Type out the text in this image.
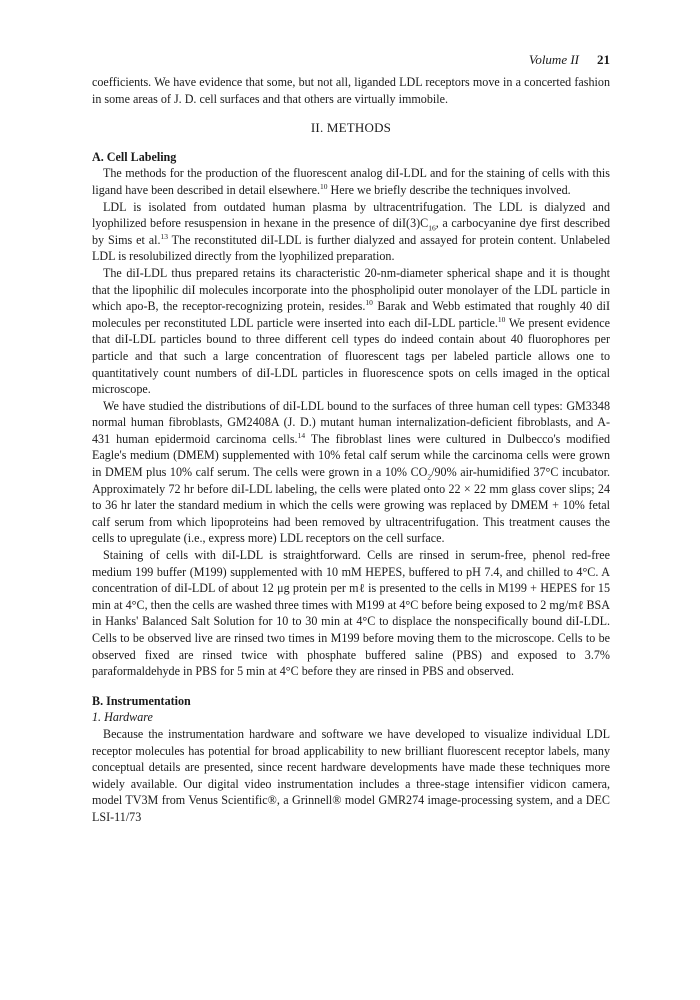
Volume II 21

coefficients. We have evidence that some, but not all, liganded LDL receptors move in a concerted fashion in some areas of J. D. cell surfaces and that others are virtually immobile.

II. METHODS
A. Cell Labeling

The methods for the production of the fluorescent analog diI-LDL and for the staining of cells with this ligand have been described in detail elsewhere.$^{10}$ Here we briefly describe the techniques involved.

LDL is isolated from outdated human plasma by ultracentrifugation. The LDL is dialyzed and lyophilized before resuspension in hexane in the presence of $diI(3)C_{16}$, a carbocyanine dye first described by Sims et al.$^{13}$ The reconstituted diI-LDL is further dialyzed and assayed for protein content. Unlabeled LDL is resolubilized directly from the lyophilized preparation.

The diI-LDL thus prepared retains its characteristic 20-nm-diameter spherical shape and it is thought that the lipophilic diI molecules incorporate into the phospholipid outer monolayer of the LDL particle in which apo-B, the receptor-recognizing protein, resides.$^{10}$ Barak and Webb estimated that roughly 40 diI molecules per reconstituted LDL particle were inserted into each diI-LDL particle.$^{10}$ We present evidence that diI-LDL particles bound to three different cell types do indeed contain about 40 fluorophores per particle and that such a large concentration of fluorescent tags per labeled particle allows one to quantitatively count numbers of diI-LDL particles in fluorescence spots on cells imaged in the optical microscope.

We have studied the distributions of diI-LDL bound to the surfaces of three human cell types: GM3348 normal human fibroblasts, GM2408A (J. D.) mutant human internalization-deficient fibroblasts, and A-431 human epidermoid carcinoma cells.$^{14}$ The fibroblast lines were cultured in Dulbecco's modified Eagle's medium (DMEM) supplemented with 10% fetal calf serum while the carcinoma cells were grown in DMEM plus 10% calf serum. The cells were grown in a 10% $CO_2/90\%$ air-humidified 37°C incubator. Approximately 72 hr before diI-LDL labeling, the cells were plated onto 22 × 22 mm glass cover slips; 24 to 36 hr later the standard medium in which the cells were growing was replaced by DMEM + 10% fetal calf serum from which lipoproteins had been removed by ultracentrifugation. This treatment causes the cells to upregulate (i.e., express more) LDL receptors on the cell surface.

Staining of cells with diI-LDL is straightforward. Cells are rinsed in serum-free, phenol red-free medium 199 buffer (M199) supplemented with 10 mM HEPES, buffered to pH 7.4, and chilled to 4°C. A concentration of diI-LDL of about 12 μg protein per mℓ is presented to the cells in M199 + HEPES for 15 min at 4°C, then the cells are washed three times with M199 at 4°C before being exposed to 2 mg/mℓ BSA in Hanks' Balanced Salt Solution for 10 to 30 min at 4°C to displace the nonspecifically bound diI-LDL. Cells to be observed live are rinsed two times in M199 before moving them to the microscope. Cells to be observed fixed are rinsed twice with phosphate buffered saline (PBS) and exposed to 3.7% paraformaldehyde in PBS for 5 min at 4°C before they are rinsed in PBS and observed.

B. Instrumentation
1. Hardware

Because the instrumentation hardware and software we have developed to visualize individual LDL receptor molecules has potential for broad applicability to new brilliant fluorescent receptor labels, many conceptual details are presented, since recent hardware developments have made these techniques more widely available. Our digital video instrumentation includes a three-stage intensifier vidicon camera, model TV3M from Venus Scientific®, a Grinnell® model GMR274 image-processing system, and a DEC LSI-11/73
